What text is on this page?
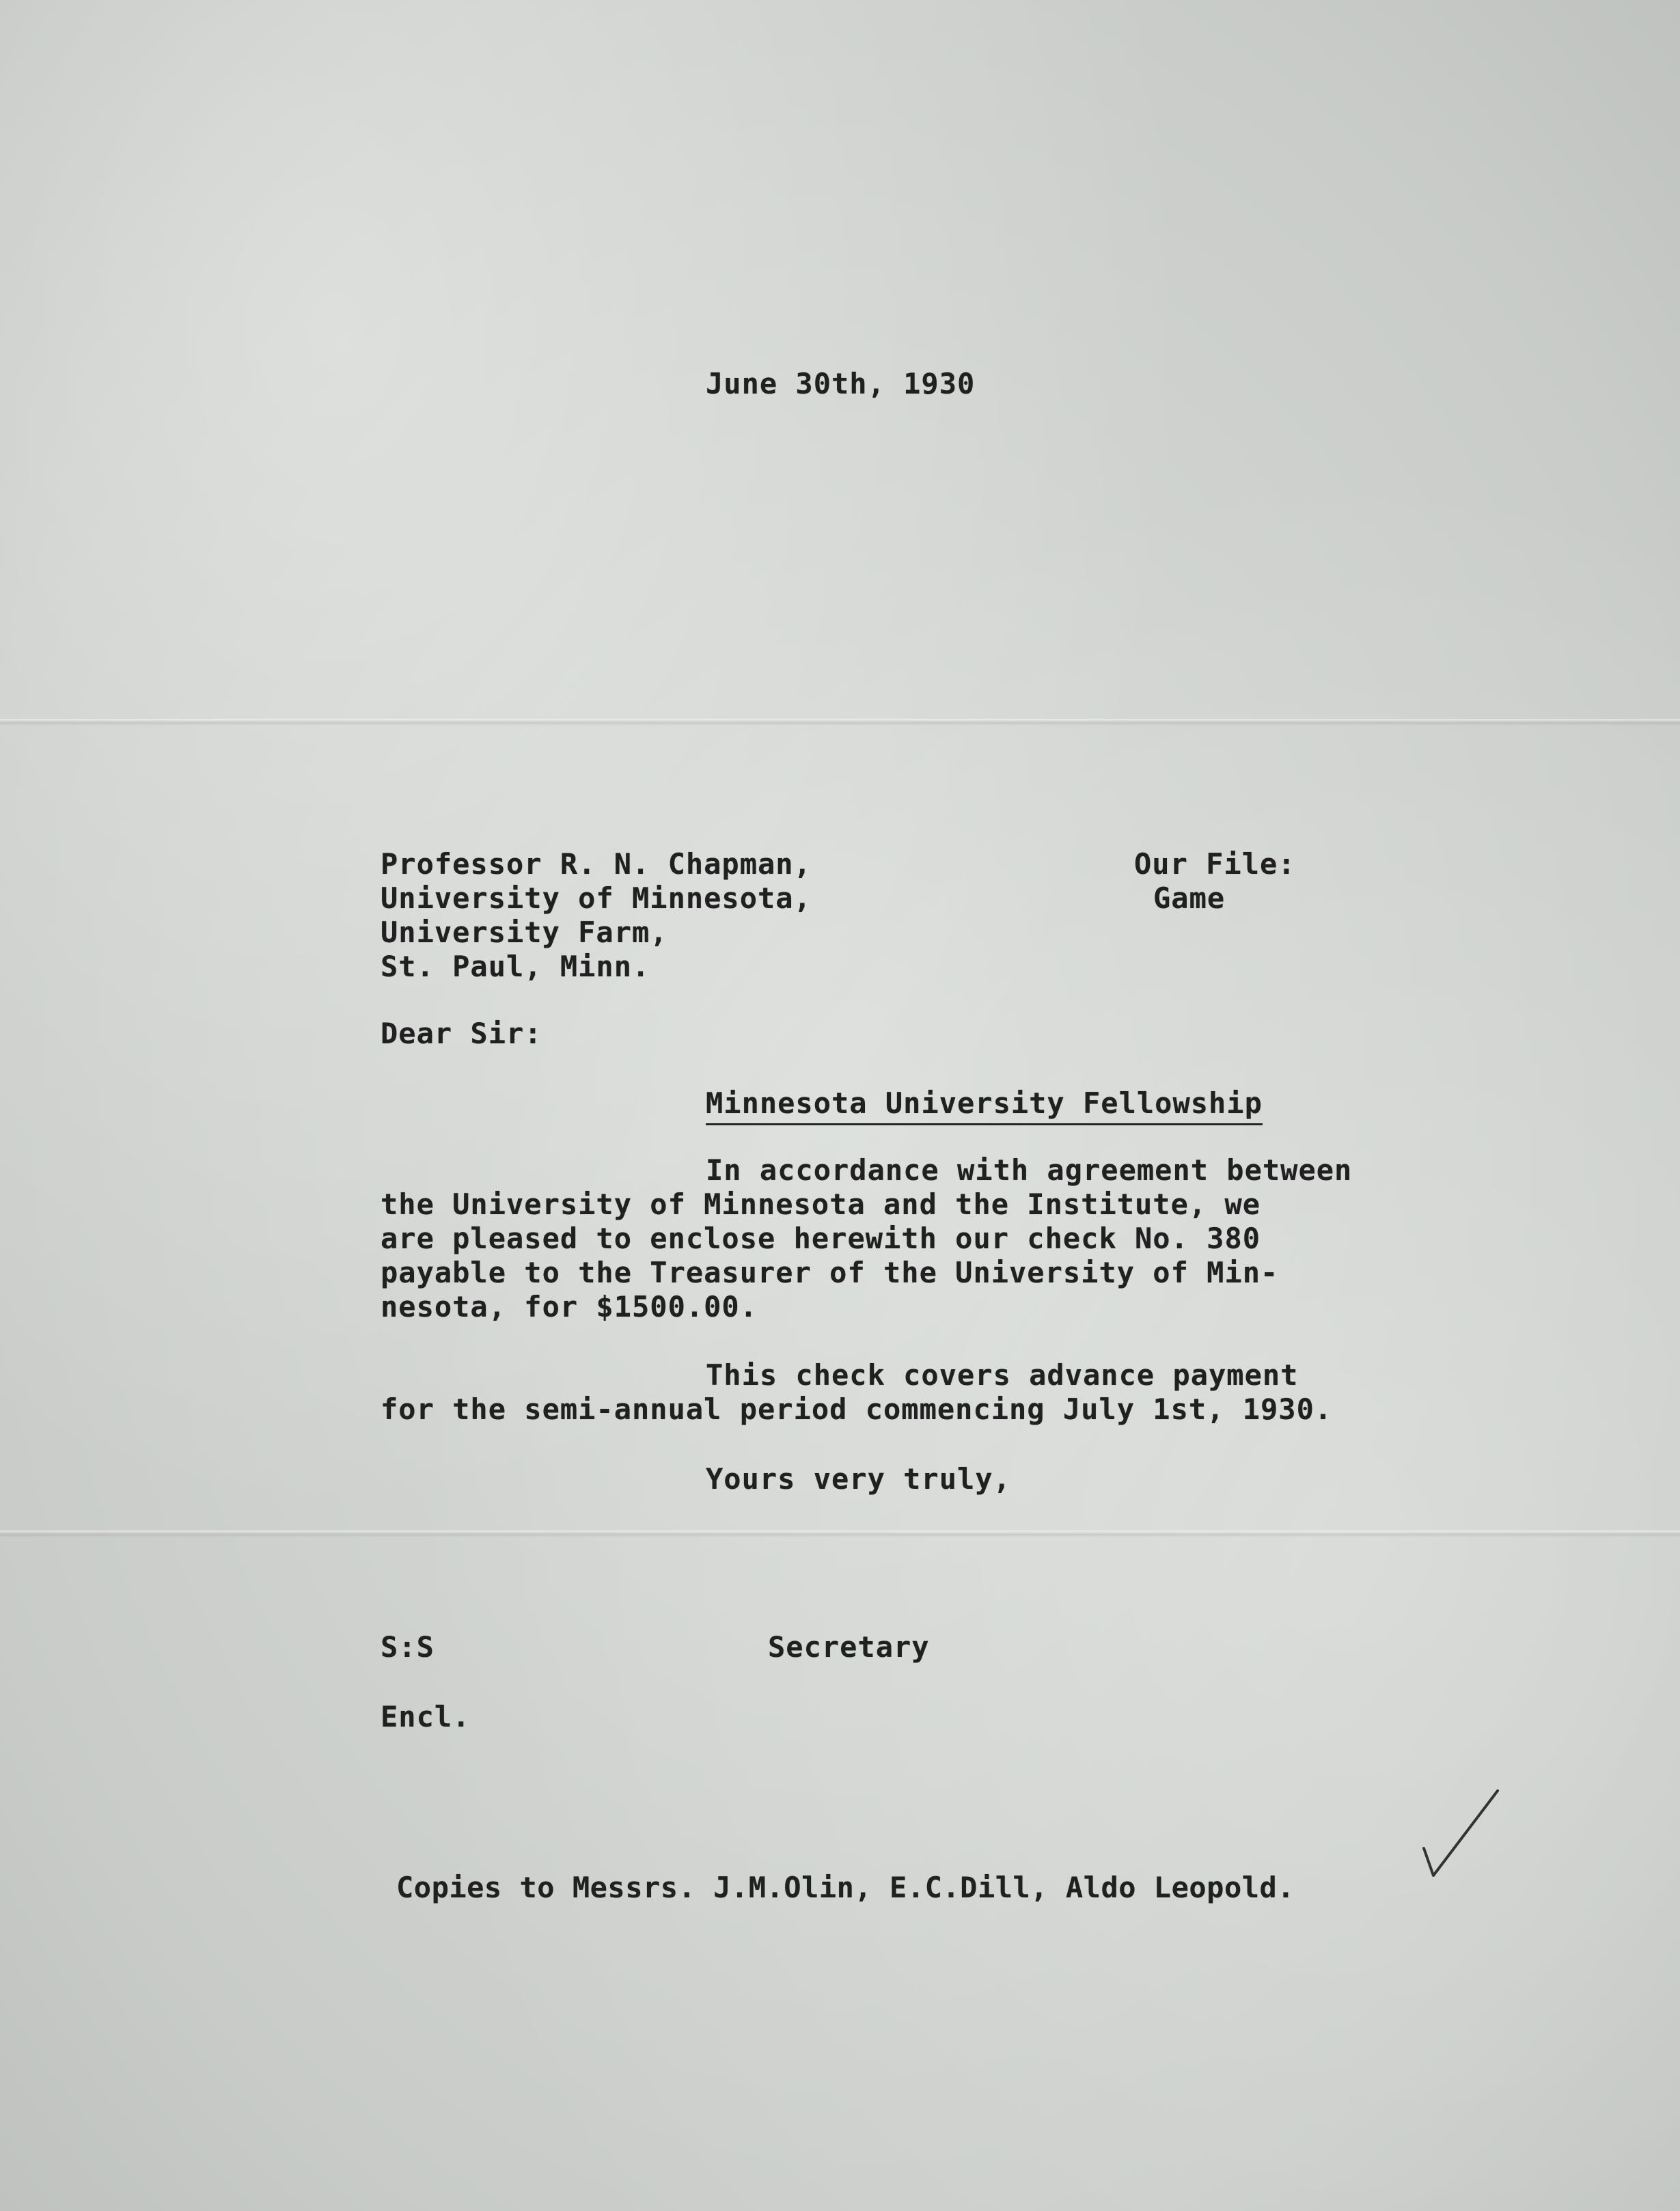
June 30th, 1930
Professor R. N. Chapman,
University of Minnesota,
University Farm,
St. Paul, Minn.
Our File:
Game
Dear Sir:
Minnesota University Fellowship
In accordance with agreement between
the University of Minnesota and the Institute, we
are pleased to enclose herewith our check No. 380
payable to the Treasurer of the University of Min-
nesota, for $1500.00.
This check covers advance payment
for the semi-annual period commencing July 1st, 1930.
Yours very truly,
S:S	Secretary
Encl.
Copies to Messrs. J.M.Olin, E.C.Dill, Aldo Leopold.
